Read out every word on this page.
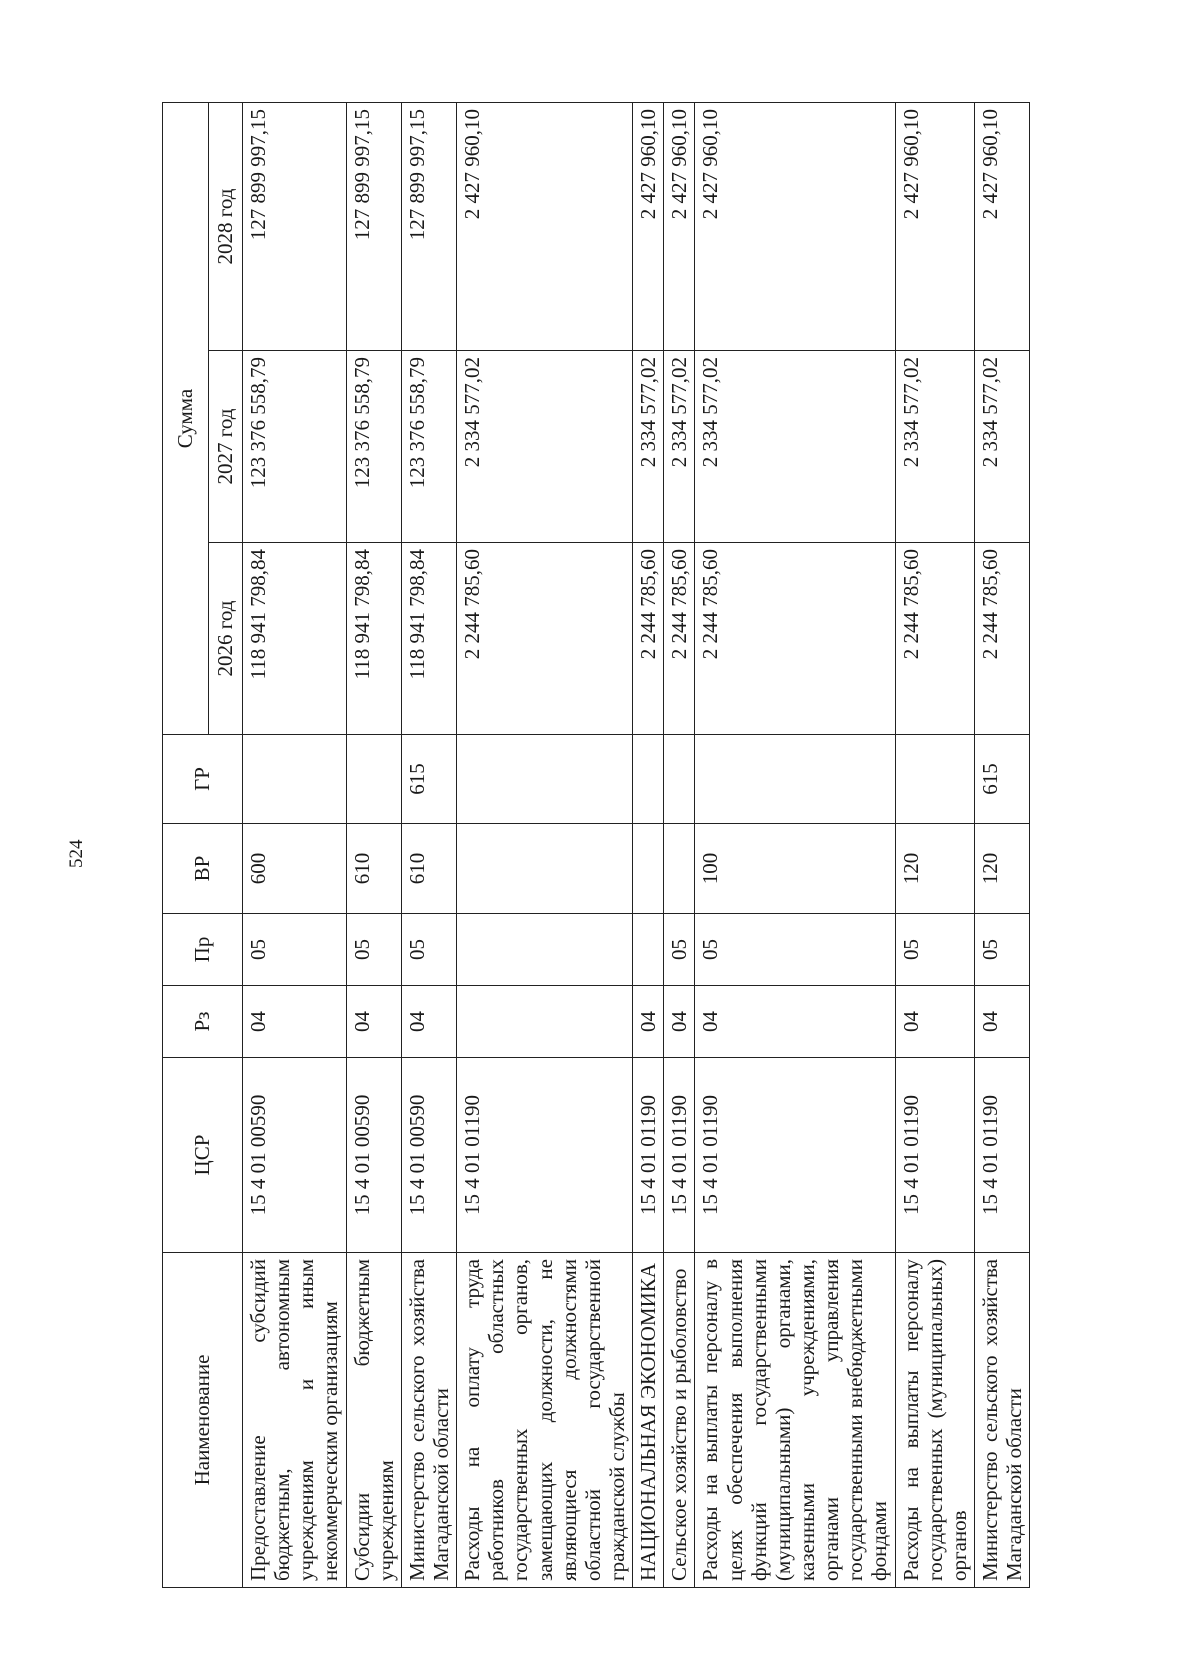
524
Наименование	ЦСР	Рз	Пр	ВР	ГР	Сумма		
						2026 год	2027 год	2028 год
Предоставление субсидий бюджетным, автономным учреждениям и иным некоммерческим организациям	15 4 01 00590	04	05	600		118 941 798,84	123 376 558,79	127 899 997,15
Субсидии бюджетным учреждениям	15 4 01 00590	04	05	610		118 941 798,84	123 376 558,79	127 899 997,15
Министерство сельского хозяйства Магаданской области	15 4 01 00590	04	05	610	615	118 941 798,84	123 376 558,79	127 899 997,15
Расходы на оплату труда работников областных государственных органов, замещающих должности, не являющиеся должностями областной государственной гражданской службы	15 4 01 01190					2 244 785,60	2 334 577,02	2 427 960,10
НАЦИОНАЛЬНАЯ ЭКОНОМИКА	15 4 01 01190	04				2 244 785,60	2 334 577,02	2 427 960,10
Сельское хозяйство и рыболовство	15 4 01 01190	04	05			2 244 785,60	2 334 577,02	2 427 960,10
Расходы на выплаты персоналу в целях обеспечения выполнения функций государственными (муниципальными) органами, казенными учреждениями, органами управления государственными внебюджетными фондами	15 4 01 01190	04	05	100		2 244 785,60	2 334 577,02	2 427 960,10
Расходы на выплаты персоналу государственных (муниципальных) органов	15 4 01 01190	04	05	120		2 244 785,60	2 334 577,02	2 427 960,10
Министерство сельского хозяйства Магаданской области	15 4 01 01190	04	05	120	615	2 244 785,60	2 334 577,02	2 427 960,10
